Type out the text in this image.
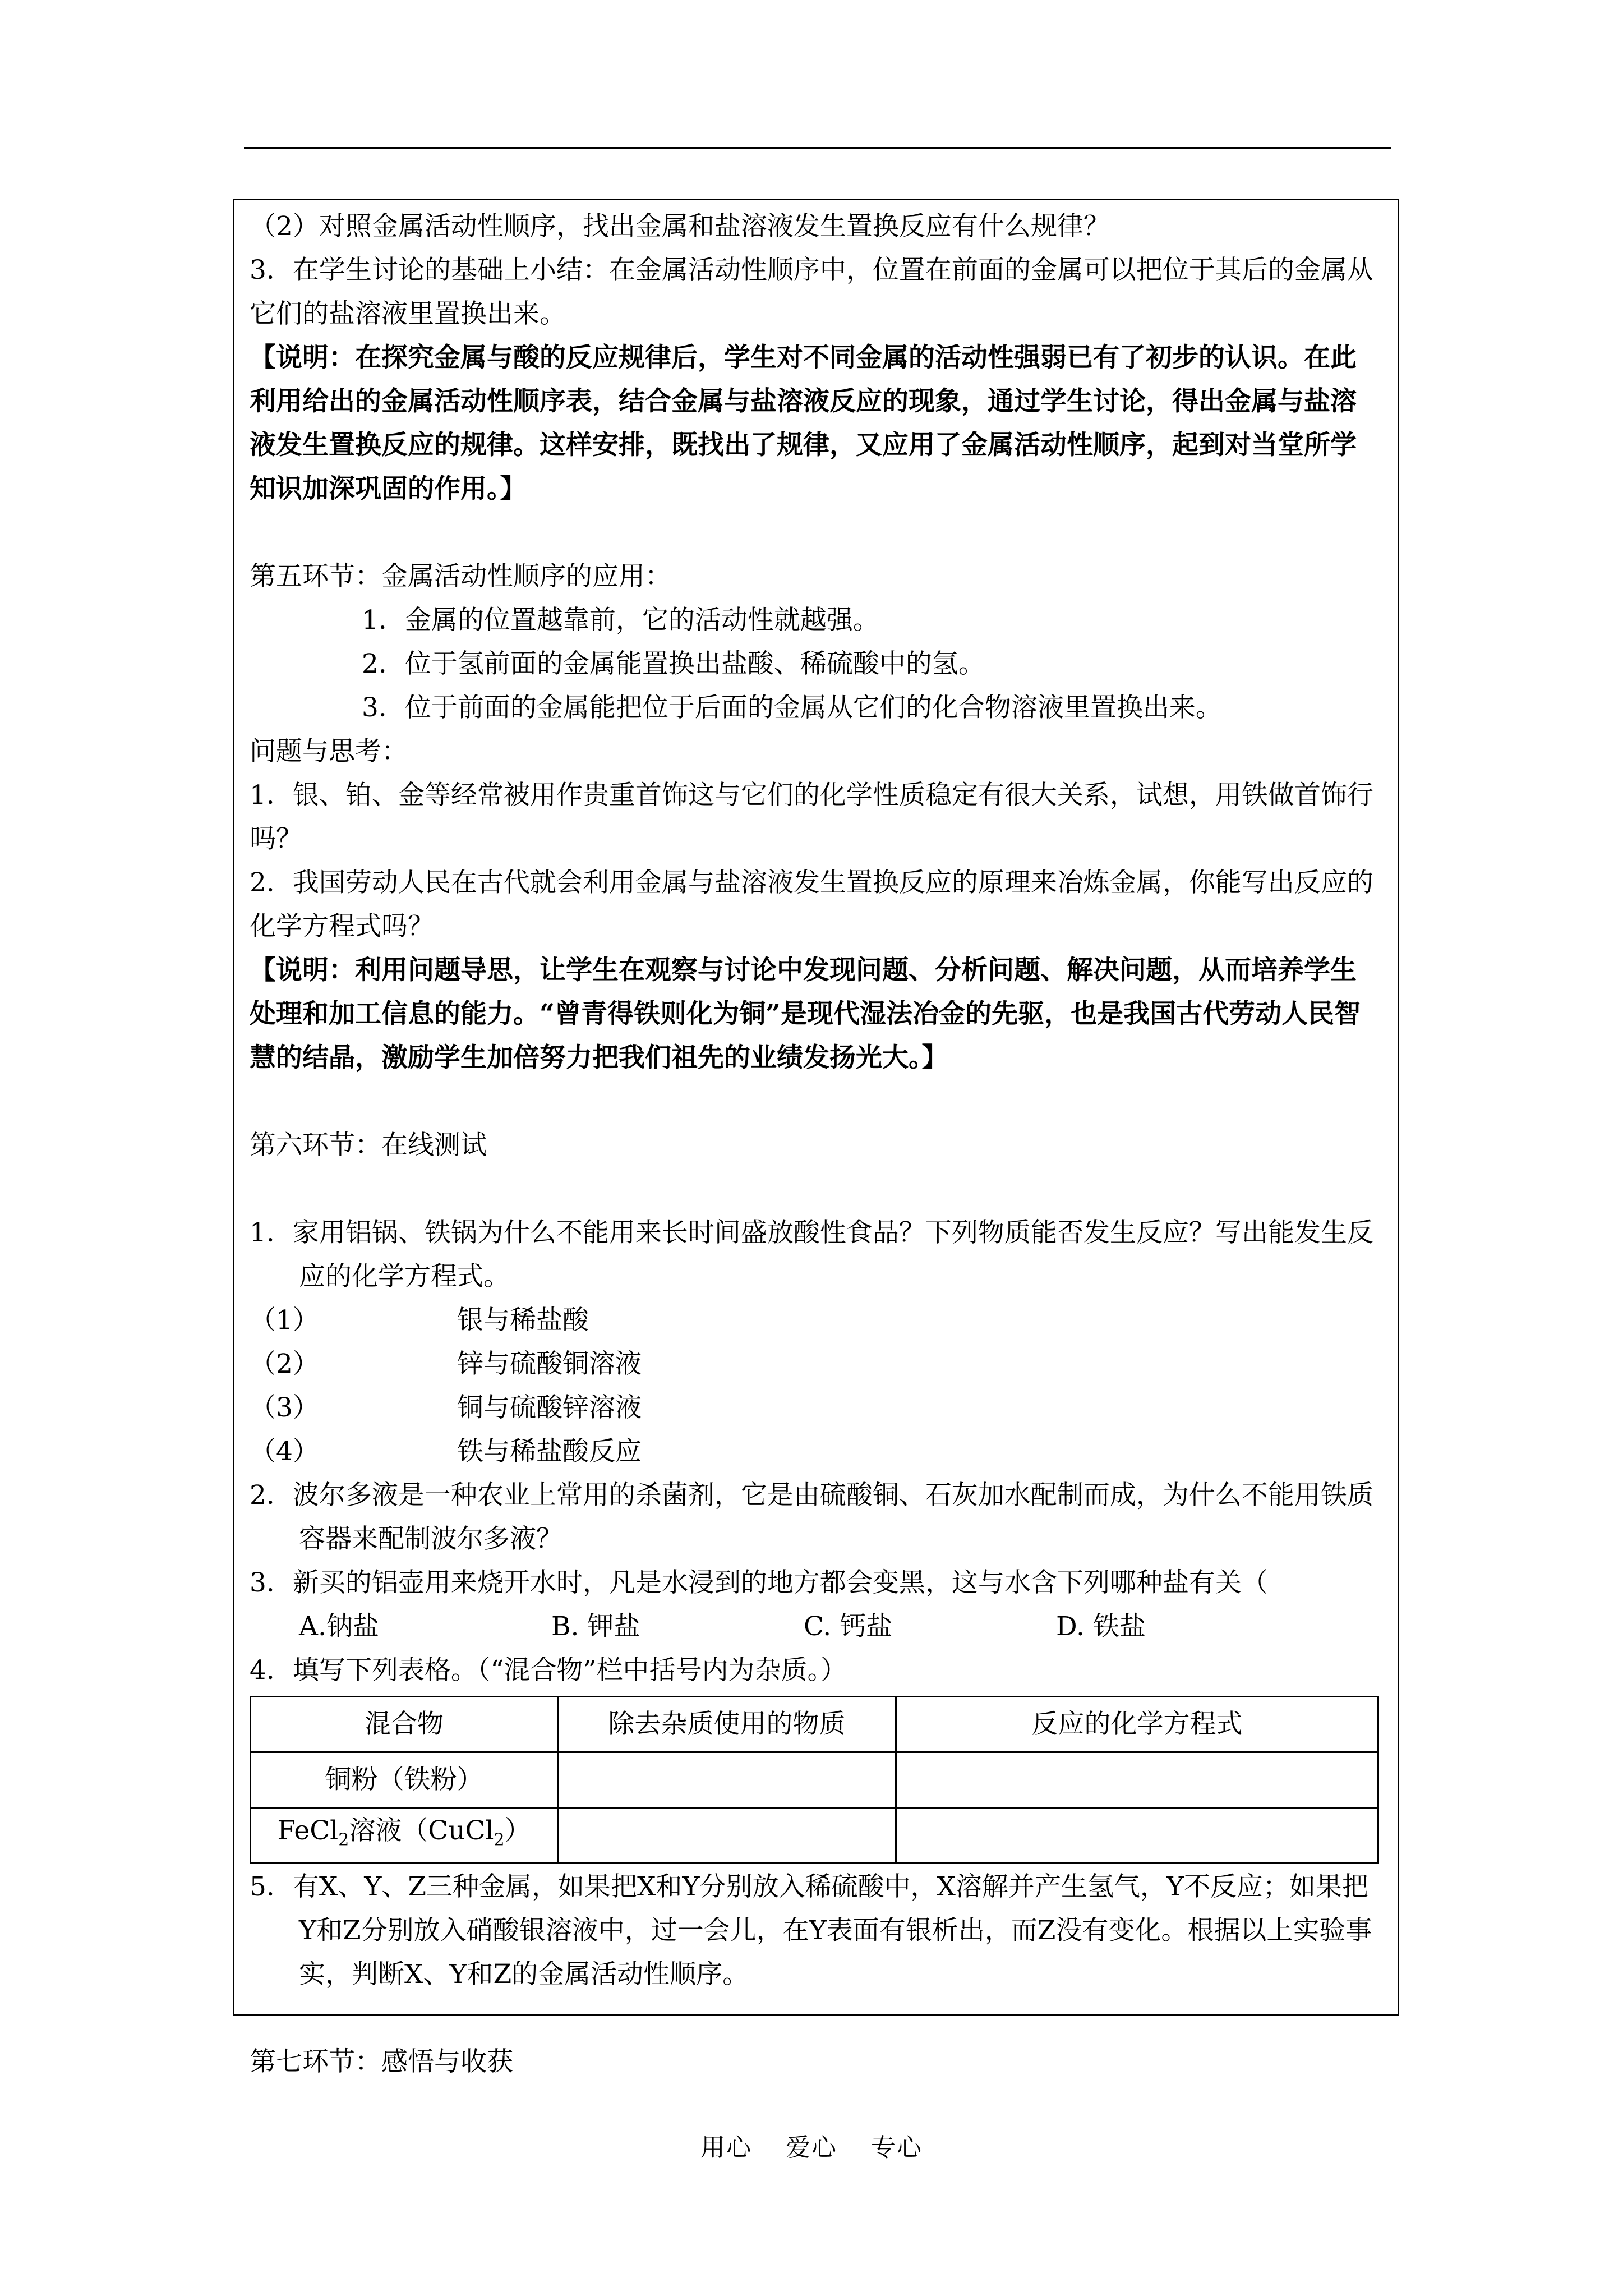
（2）对照金属活动性顺序，找出金属和盐溶液发生置换反应有什么规律？

3．在学生讨论的基础上小结：在金属活动性顺序中，位置在前面的金属可以把位于其后的金属从它们的盐溶液里置换出来。

【说明：在探究金属与酸的反应规律后，学生对不同金属的活动性强弱已有了初步的认识。在此利用给出的金属活动性顺序表，结合金属与盐溶液反应的现象，通过学生讨论，得出金属与盐溶液发生置换反应的规律。这样安排，既找出了规律，又应用了金属活动性顺序，起到对当堂所学知识加深巩固的作用。】

第五环节：金属活动性顺序的应用：

1．金属的位置越靠前，它的活动性就越强。

2．位于氢前面的金属能置换出盐酸、稀硫酸中的氢。

3．位于前面的金属能把位于后面的金属从它们的化合物溶液里置换出来。

问题与思考：

1．银、铂、金等经常被用作贵重首饰这与它们的化学性质稳定有很大关系，试想，用铁做首饰行吗？

2．我国劳动人民在古代就会利用金属与盐溶液发生置换反应的原理来冶炼金属，你能写出反应的化学方程式吗？

【说明：利用问题导思，让学生在观察与讨论中发现问题、分析问题、解决问题，从而培养学生处理和加工信息的能力。“曾青得铁则化为铜”是现代湿法冶金的先驱，也是我国古代劳动人民智慧的结晶，激励学生加倍努力把我们祖先的业绩发扬光大。】

第六环节：在线测试

1．家用铝锅、铁锅为什么不能用来长时间盛放酸性食品？下列物质能否发生反应？写出能发生反应的化学方程式。

（1）	银与稀盐酸
（2）	锌与硫酸铜溶液
（3）	铜与硫酸锌溶液
（4）	铁与稀盐酸反应

2．波尔多液是一种农业上常用的杀菌剂，它是由硫酸铜、石灰加水配制而成，为什么不能用铁质容器来配制波尔多液？

3．新买的铝壶用来烧开水时，凡是水浸到的地方都会变黑，这与水含下列哪种盐有关（

A.钠盐	B. 钾盐	C. 钙盐	D. 铁盐

4．填写下列表格。（“混合物”栏中括号内为杂质。）

混合物	除去杂质使用的物质	反应的化学方程式
铜粉（铁粉）		
FeCl$_2$溶液（CuCl$_2$）		

5．有X、Y、Z三种金属，如果把X和Y分别放入稀硫酸中，X溶解并产生氢气，Y不反应；如果把Y和Z分别放入硝酸银溶液中，过一会儿，在Y表面有银析出，而Z没有变化。根据以上实验事实，判断X、Y和Z的金属活动性顺序。

第七环节：感悟与收获

用心 爱心 专心
